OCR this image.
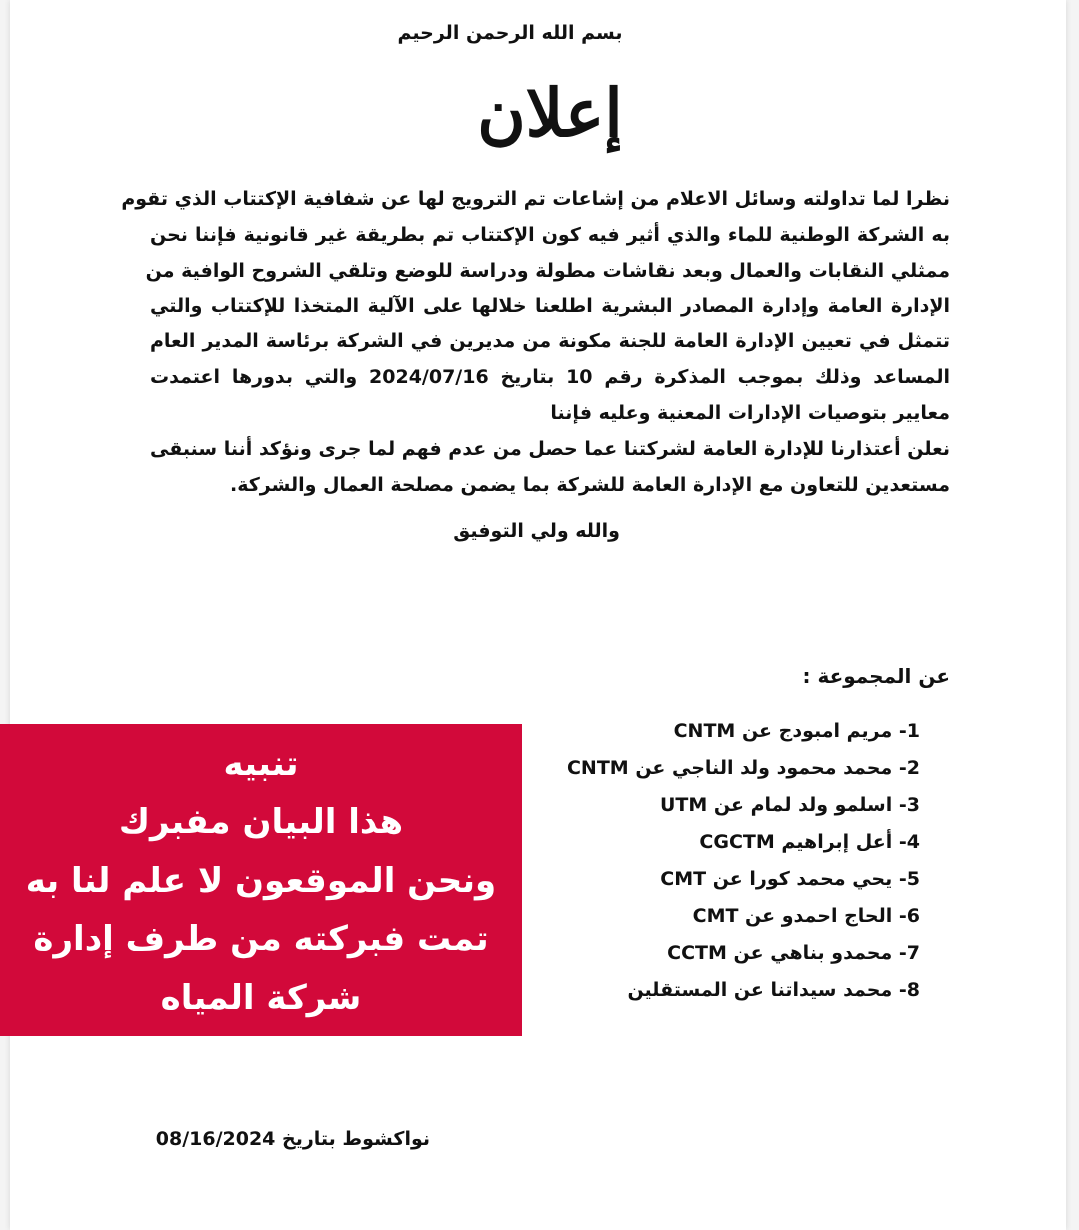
بسم الله الرحمن الرحيم
إعلان
نظرا لما تداولته وسائل الاعلام من إشاعات تم الترويج لها عن شفافية الإكتتاب الذي تقوم
به الشركة الوطنية للماء والذي أثير فيه كون الإكتتاب تم بطريقة غير قانونية فإننا نحن
ممثلي النقابات والعمال وبعد نقاشات مطولة ودراسة للوضع وتلقي الشروح الوافية من
الإدارة العامة وإدارة المصادر البشرية اطلعنا خلالها على الآلية المتخذا للإكتتاب والتي
تتمثل في تعيين الإدارة العامة للجنة مكونة من مديرين في الشركة برئاسة المدير العام
المساعد وذلك بموجب المذكرة رقم 10 بتاريخ 2024/07/16 والتي بدورها اعتمدت
معايير بتوصيات الإدارات المعنية وعليه فإننا
نعلن أعتذارنا للإدارة العامة لشركتنا عما حصل من عدم فهم لما جرى ونؤكد أننا سنبقى
مستعدين للتعاون مع الإدارة العامة للشركة بما يضمن مصلحة العمال والشركة.
والله ولي التوفيق
عن المجموعة :
1- مريم امبودج عن CNTM
2- محمد محمود ولد الناجي عن CNTM
3- اسلمو ولد لمام عن UTM
4- أعل إبراهيم CGCTM
5- يحي محمد كورا عن CMT
6- الحاج احمدو عن CMT
7- محمدو بناهي عن CCTM
8- محمد سيداتنا عن المستقلين
نواكشوط بتاريخ 08/16/2024
تنبيه
هذا البيان مفبرك
ونحن الموقعون لا علم لنا به
تمت فبركته من طرف إدارة
شركة المياه
